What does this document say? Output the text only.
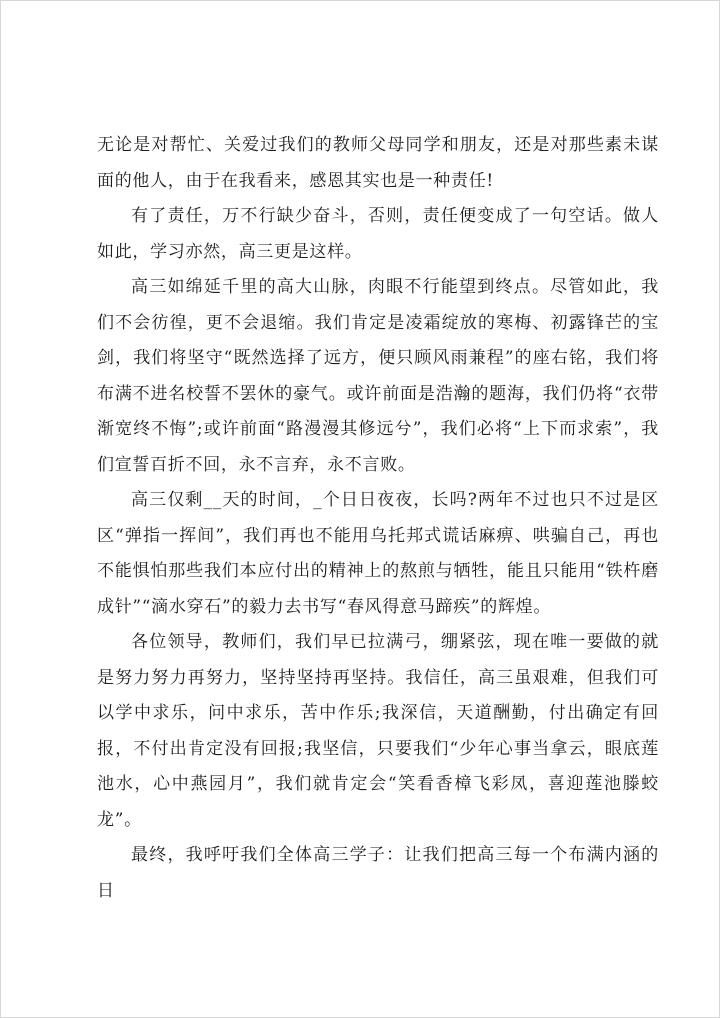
无论是对帮忙、关爱过我们的教师父母同学和朋友，还是对那些素未谋面的他人，由于在我看来，感恩其实也是一种责任!

有了责任，万不行缺少奋斗，否则，责任便变成了一句空话。做人如此，学习亦然，高三更是这样。

高三如绵延千里的高大山脉，肉眼不行能望到终点。尽管如此，我们不会彷徨，更不会退缩。我们肯定是凌霜绽放的寒梅、初露锋芒的宝剑，我们将坚守“既然选择了远方，便只顾风雨兼程”的座右铭，我们将布满不进名校誓不罢休的豪气。或许前面是浩瀚的题海，我们仍将“衣带渐宽终不悔”;或许前面“路漫漫其修远兮”，我们必将“上下而求索”，我们宣誓百折不回，永不言弃，永不言败。

高三仅剩__天的时间，_个日日夜夜，长吗?两年不过也只不过是区区“弹指一挥间”，我们再也不能用乌托邦式谎话麻痹、哄骗自己，再也不能惧怕那些我们本应付出的精神上的熬煎与牺牲，能且只能用“铁杵磨成针”“滴水穿石”的毅力去书写“春风得意马蹄疾”的辉煌。

各位领导，教师们，我们早已拉满弓，绷紧弦，现在唯一要做的就是努力努力再努力，坚持坚持再坚持。我信任，高三虽艰难，但我们可以学中求乐，问中求乐，苦中作乐;我深信，天道酬勤，付出确定有回报，不付出肯定没有回报;我坚信，只要我们“少年心事当拿云，眼底莲池水，心中燕园月”，我们就肯定会“笑看香樟飞彩凤，喜迎莲池滕蛟龙”。

最终，我呼吁我们全体高三学子：让我们把高三每一个布满内涵的日
